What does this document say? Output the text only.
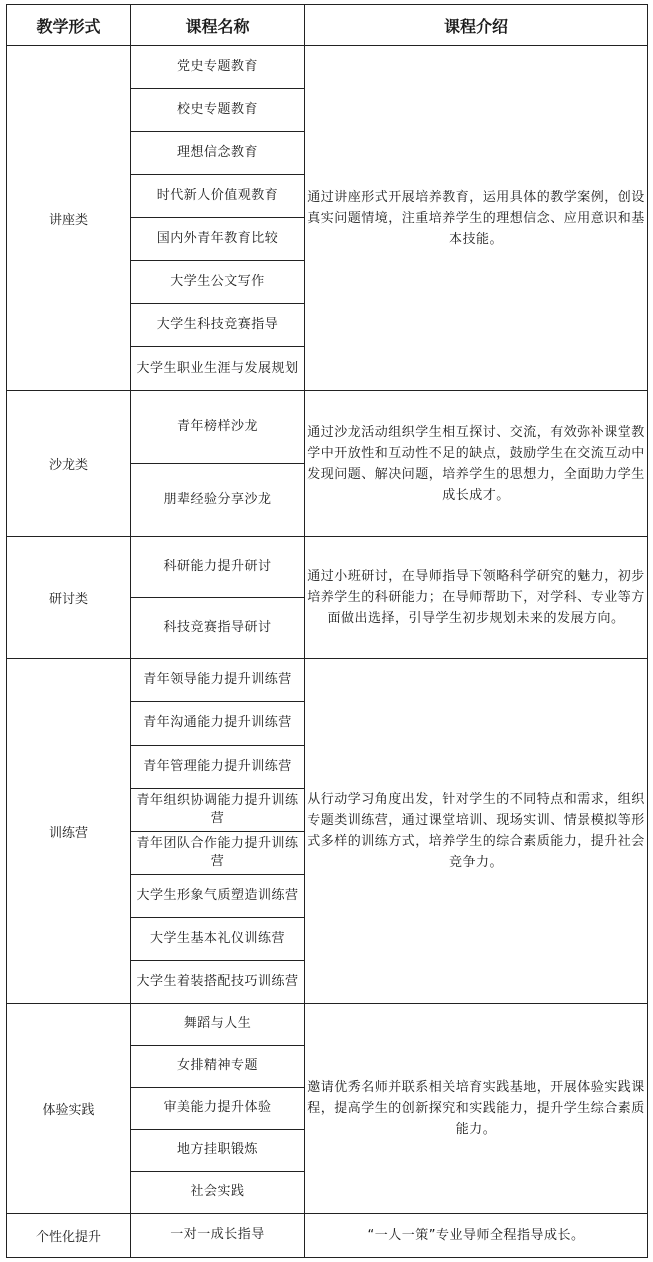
教学形式	课程名称	课程介绍
讲座类	党史专题教育	通过讲座形式开展培养教育，运用具体的教学案例，创设真实问题情境，注重培养学生的理想信念、应用意识和基本技能。
	校史专题教育	
	理想信念教育	
	时代新人价值观教育	
	国内外青年教育比较	
	大学生公文写作	
	大学生科技竞赛指导	
	大学生职业生涯与发展规划	
沙龙类	青年榜样沙龙	通过沙龙活动组织学生相互探讨、交流，有效弥补课堂教学中开放性和互动性不足的缺点，鼓励学生在交流互动中发现问题、解决问题，培养学生的思想力，全面助力学生成长成才。
	朋辈经验分享沙龙	
研讨类	科研能力提升研讨	通过小班研讨，在导师指导下领略科学研究的魅力，初步培养学生的科研能力；在导师帮助下，对学科、专业等方面做出选择，引导学生初步规划未来的发展方向。
	科技竞赛指导研讨	
训练营	青年领导能力提升训练营	从行动学习角度出发，针对学生的不同特点和需求，组织专题类训练营，通过课堂培训、现场实训、情景模拟等形式多样的训练方式，培养学生的综合素质能力，提升社会竞争力。
	青年沟通能力提升训练营	
	青年管理能力提升训练营	
	青年组织协调能力提升训练营	
	青年团队合作能力提升训练营	
	大学生形象气质塑造训练营	
	大学生基本礼仪训练营	
	大学生着装搭配技巧训练营	
体验实践	舞蹈与人生	邀请优秀名师并联系相关培育实践基地，开展体验实践课程，提高学生的创新探究和实践能力，提升学生综合素质能力。
	女排精神专题	
	审美能力提升体验	
	地方挂职锻炼	
	社会实践	
个性化提升	一对一成长指导	“一人一策”专业导师全程指导成长。
